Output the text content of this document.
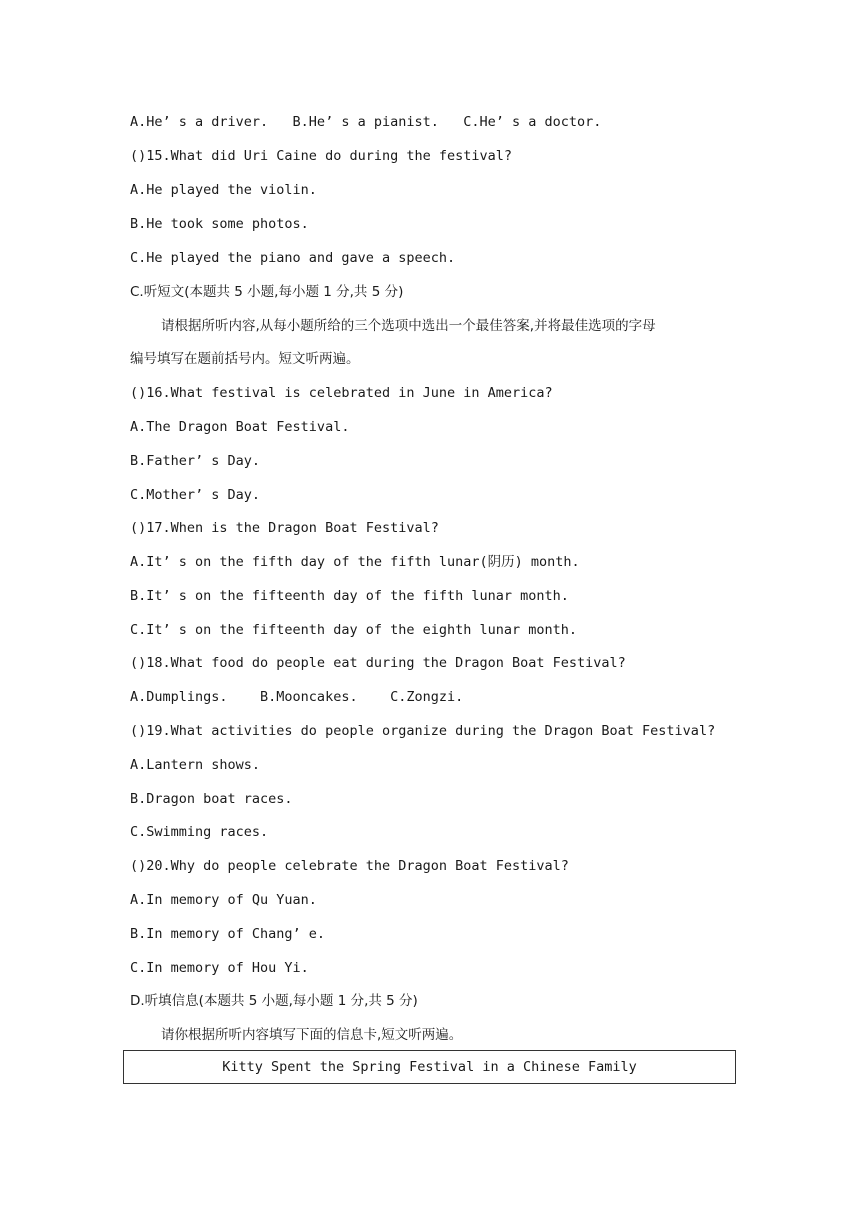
A.He’ s a driver.   B.He’ s a pianist.   C.He’ s a doctor.
()15.What did Uri Caine do during the festival?
A.He played the violin.
B.He took some photos.
C.He played the piano and gave a speech.
C.听短文(本题共 5 小题,每小题 1 分,共 5 分)
请根据所听内容,从每小题所给的三个选项中选出一个最佳答案,并将最佳选项的字母
编号填写在题前括号内。短文听两遍。
()16.What festival is celebrated in June in America?
A.The Dragon Boat Festival.
B.Father’ s Day.
C.Mother’ s Day.
()17.When is the Dragon Boat Festival?
A.It’ s on the fifth day of the fifth lunar(阴历) month.
B.It’ s on the fifteenth day of the fifth lunar month.
C.It’ s on the fifteenth day of the eighth lunar month.
()18.What food do people eat during the Dragon Boat Festival?
A.Dumplings.    B.Mooncakes.    C.Zongzi.
()19.What activities do people organize during the Dragon Boat Festival?
A.Lantern shows.
B.Dragon boat races.
C.Swimming races.
()20.Why do people celebrate the Dragon Boat Festival?
A.In memory of Qu Yuan.
B.In memory of Chang’ e.
C.In memory of Hou Yi.
D.听填信息(本题共 5 小题,每小题 1 分,共 5 分)
请你根据所听内容填写下面的信息卡,短文听两遍。
Kitty Spent the Spring Festival in a Chinese Family
